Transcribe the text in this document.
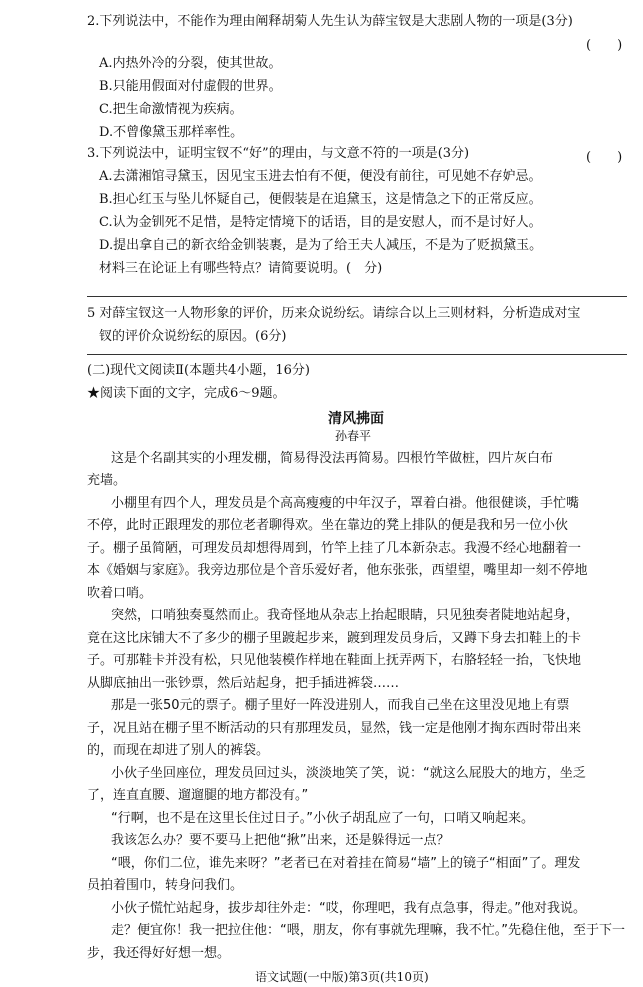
2.下列说法中，不能作为理由阐释胡菊人先生认为薛宝钗是大悲剧人物的一项是(3分)
(　　)
A.内热外冷的分裂，使其世故。
B.只能用假面对付虚假的世界。
C.把生命激情视为疾病。
D.不曾像黛玉那样率性。
3.下列说法中，证明宝钗不“好”的理由，与文意不符的一项是(3分)	(　　)
A.去潇湘馆寻黛玉，因见宝玉进去怕有不便，便没有前往，可见她不存妒忌。
B.担心红玉与坠儿怀疑自己，便假装是在追黛玉，这是情急之下的正常反应。
C.认为金钏死不足惜，是特定情境下的话语，目的是安慰人，而不是讨好人。
D.提出拿自己的新衣给金钏装裹，是为了给王夫人减压，不是为了贬损黛玉。
材料三在论证上有哪些特点？请简要说明。(　分)
5 对薛宝钗这一人物形象的评价，历来众说纷纭。请综合以上三则材料，分析造成对宝
钗的评价众说纷纭的原因。(6分)
(二)现代文阅读Ⅱ(本题共4小题，16分)
★阅读下面的文字，完成6～9题。
清风拂面
孙春平
这是个名副其实的小理发棚，简易得没法再简易。四根竹竿做桩，四片灰白布
充墙。
小棚里有四个人，理发员是个高高瘦瘦的中年汉子，罩着白褂。他很健谈，手忙嘴
不停，此时正跟理发的那位老者聊得欢。坐在靠边的凳上排队的便是我和另一位小伙
子。棚子虽简陋，可理发员却想得周到，竹竿上挂了几本新杂志。我漫不经心地翻着一
本《婚姻与家庭》。我旁边那位是个音乐爱好者，他东张张，西望望，嘴里却一刻不停地
吹着口哨。
突然，口哨独奏戛然而止。我奇怪地从杂志上抬起眼睛，只见独奏者陡地站起身，
竟在这比床铺大不了多少的棚子里踱起步来，踱到理发员身后，又蹲下身去扣鞋上的卡
子。可那鞋卡并没有松，只见他装模作样地在鞋面上抚弄两下，右胳轻轻一抬，飞快地
从脚底抽出一张钞票，然后站起身，把手插进裤袋……
那是一张50元的票子。棚子里好一阵没进别人，而我自己坐在这里没见地上有票
子，况且站在棚子里不断活动的只有那理发员，显然，钱一定是他刚才掏东西时带出来
的，而现在却进了别人的裤袋。
小伙子坐回座位，理发员回过头，淡淡地笑了笑，说：“就这么屁股大的地方，坐乏
了，连直直腰、遛遛腿的地方都没有。”
“行啊，也不是在这里长住过日子。”小伙子胡乱应了一句，口哨又响起来。
我该怎么办？要不要马上把他“揪”出来，还是躲得远一点？
“喂，你们二位，谁先来呀？”老者已在对着挂在简易“墙”上的镜子“相面”了。理发
员拍着围巾，转身问我们。
小伙子慌忙站起身，拔步却往外走：“哎，你理吧，我有点急事，得走。”他对我说。
走？便宜你！我一把拉住他：“喂，朋友，你有事就先理嘛，我不忙。”先稳住他，至于下一
步，我还得好好想一想。
语文试题(一中版)第3页(共10页)
